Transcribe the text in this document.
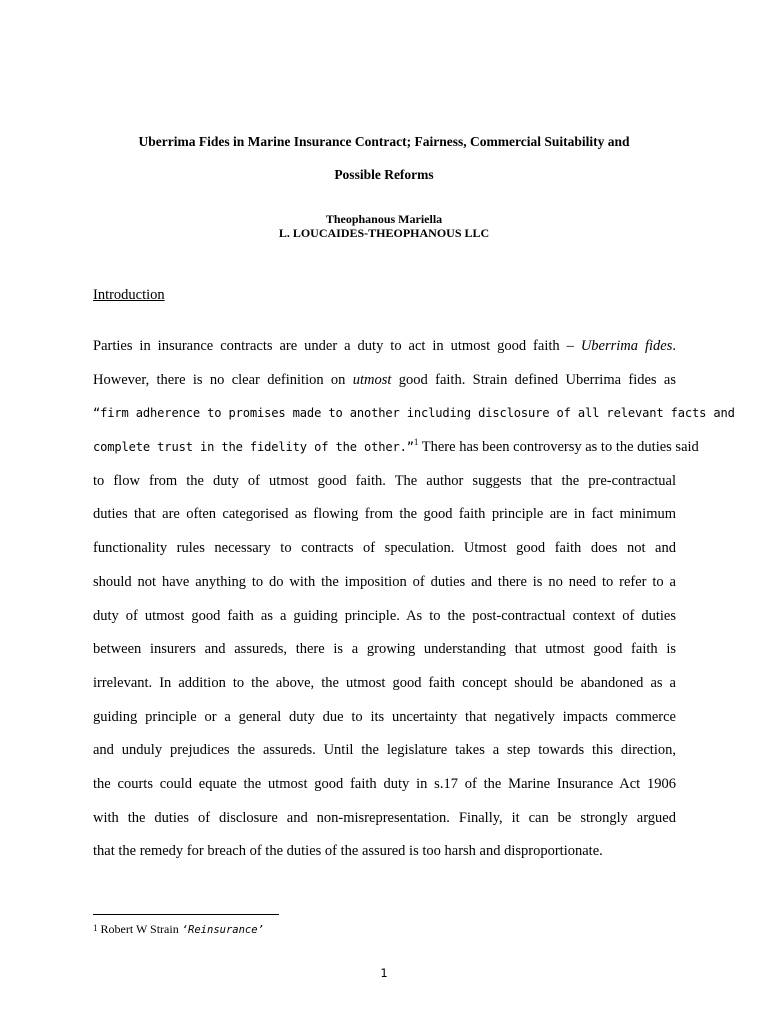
Uberrima Fides in Marine Insurance Contract; Fairness, Commercial Suitability and
Possible Reforms
Theophanous Mariella
L. LOUCAIDES-THEOPHANOUS LLC
Introduction
Parties in insurance contracts are under a duty to act in utmost good faith – Uberrima fides.
However, there is no clear definition on utmost good faith. Strain defined Uberrima fides as
“firm adherence to promises made to another including disclosure of all relevant facts and
complete trust in the fidelity of the other.”$^1$ There has been controversy as to the duties said
to flow from the duty of utmost good faith. The author suggests that the pre-contractual
duties that are often categorised as flowing from the good faith principle are in fact minimum
functionality rules necessary to contracts of speculation. Utmost good faith does not and
should not have anything to do with the imposition of duties and there is no need to refer to a
duty of utmost good faith as a guiding principle. As to the post-contractual context of duties
between insurers and assureds, there is a growing understanding that utmost good faith is
irrelevant. In addition to the above, the utmost good faith concept should be abandoned as a
guiding principle or a general duty due to its uncertainty that negatively impacts commerce
and unduly prejudices the assureds. Until the legislature takes a step towards this direction,
the courts could equate the utmost good faith duty in s.17 of the Marine Insurance Act 1906
with the duties of disclosure and non-misrepresentation. Finally, it can be strongly argued
that the remedy for breach of the duties of the assured is too harsh and disproportionate.
1 Robert W Strain ‘Reinsurance’
1
